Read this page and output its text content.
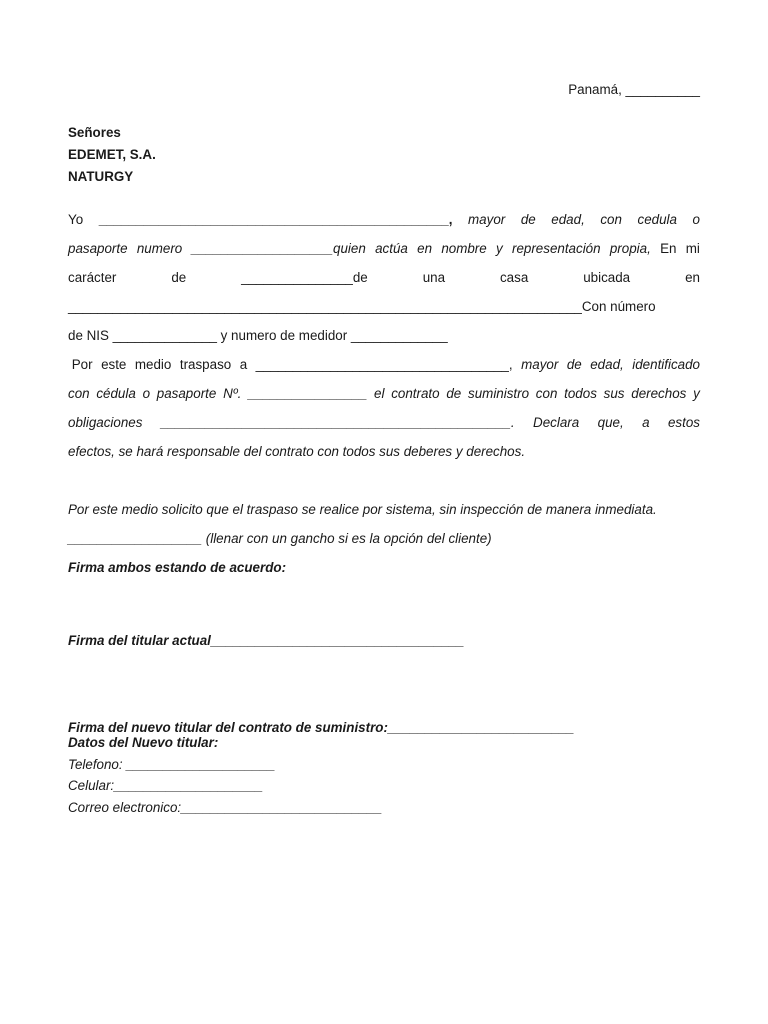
Panamá, __________
Señores
EDEMET, S.A.
NATURGY
Yo _______________________________________________, mayor de edad, con cedula o
pasaporte numero ___________________quien actúa en nombre y representación propia, En mi
carácter	de	_______________de	una	casa	ubicada	en
_____________________________________________________________________Con número
de NIS ______________ y numero de medidor _____________
Por este medio traspaso a __________________________________, mayor de edad, identificado
con cédula o pasaporte Nº. ________________ el contrato de suministro con todos sus derechos y
obligaciones _______________________________________________. Declara que, a estos
efectos, se hará responsable del contrato con todos sus deberes y derechos.
Por este medio solicito que el traspaso se realice por sistema, sin inspección de manera inmediata.
__________________ (llenar con un gancho si es la opción del cliente)
Firma ambos estando de acuerdo:
Firma del titular actual__________________________________
Firma del nuevo titular del contrato de suministro:_________________________
Datos del Nuevo titular:
Telefono: ____________________
Celular:____________________
Correo electronico:___________________________
